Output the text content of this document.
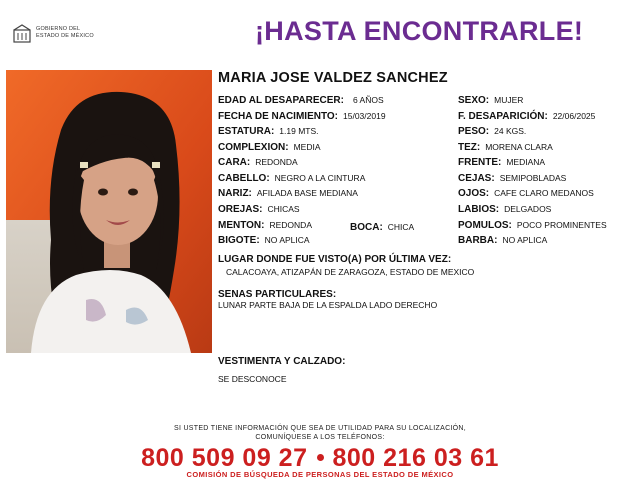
GOBIERNO DEL
ESTADO DE MÉXICO	¡HASTA ENCONTRARLE!
MARIA JOSE VALDEZ SANCHEZ
EDAD AL DESAPARECER: 6 AÑOS
FECHA DE NACIMIENTO: 15/03/2019
ESTATURA: 1.19 MTS.
COMPLEXION: MEDIA
CARA: REDONDA
CABELLO: NEGRO A LA CINTURA
NARIZ: AFILADA BASE MEDIANA
OREJAS: CHICAS
MENTON: REDONDA	BOCA: CHICA
BIGOTE: NO APLICA
SEXO: MUJER
F. DESAPARICIÓN: 22/06/2025
PESO: 24 KGS.
TEZ: MORENA CLARA
FRENTE: MEDIANA
CEJAS: SEMIPOBLADAS
OJOS: CAFE CLARO MEDANOS
LABIOS: DELGADOS
POMULOS: POCO PROMINENTES
BARBA: NO APLICA
LUGAR DONDE FUE VISTO(A) POR ÚLTIMA VEZ:
CALACOAYA, ATIZAPÁN DE ZARAGOZA, ESTADO DE MEXICO
SENAS PARTICULARES:
LUNAR PARTE BAJA DE LA ESPALDA LADO DERECHO
VESTIMENTA Y CALZADO:
SE DESCONOCE
SI USTED TIENE INFORMACIÓN QUE SEA DE UTILIDAD PARA SU LOCALIZACIÓN,
COMUNÍQUESE A LOS TELÉFONOS:
800 509 09 27 800 216 03 61
COMISIÓN DE BÚSQUEDA DE PERSONAS DEL ESTADO DE MÉXICO
